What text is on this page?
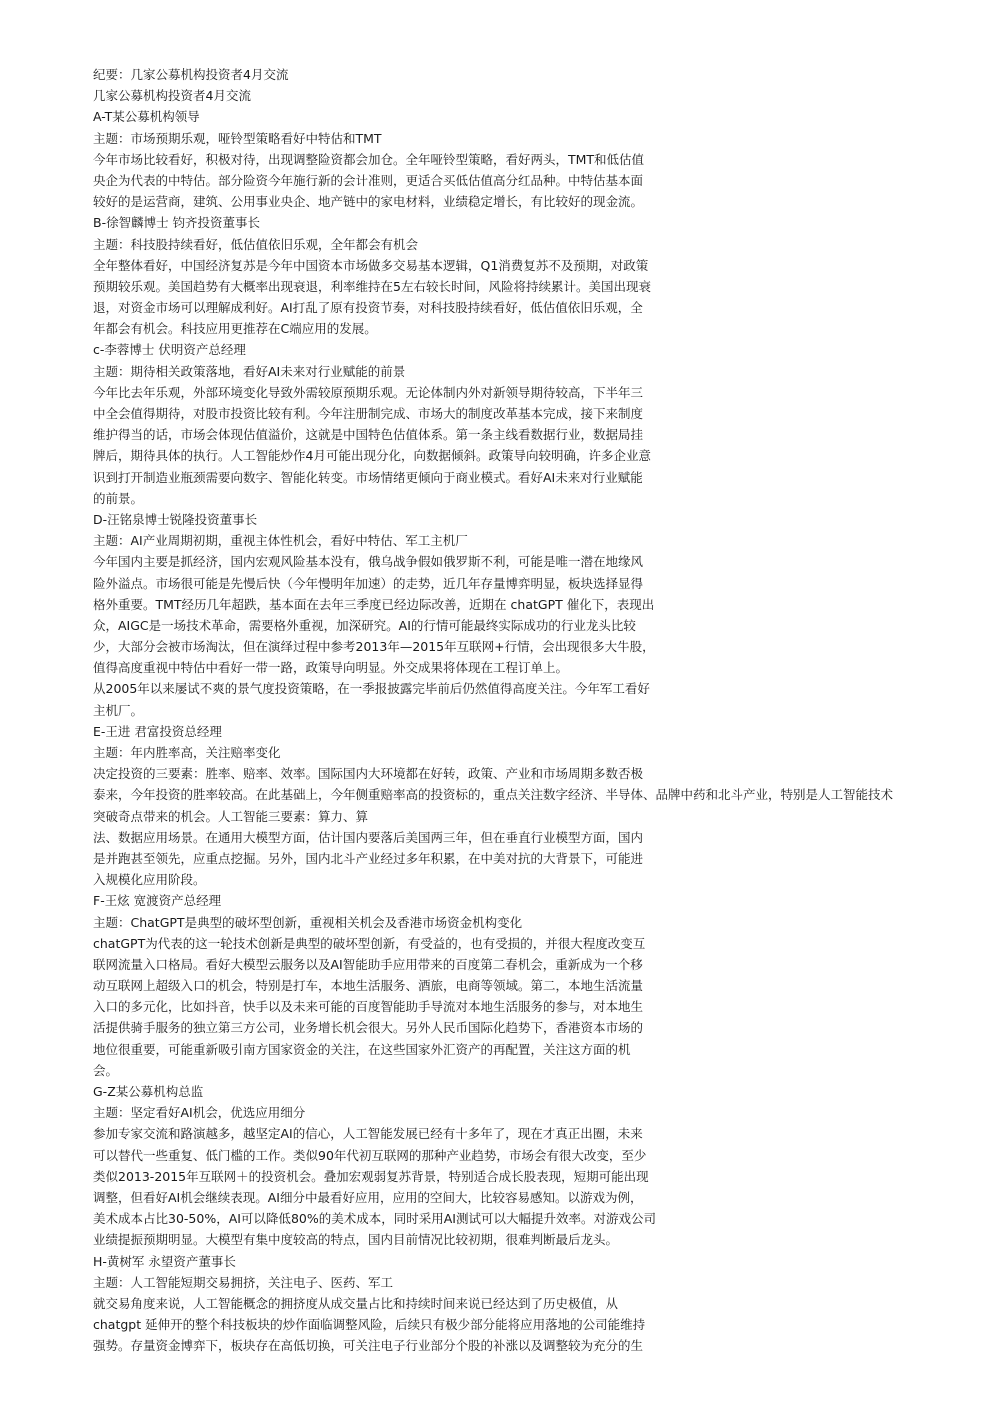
纪要：几家公募机构投资者4月交流
几家公募机构投资者4月交流
A-T某公募机构领导
主题：市场预期乐观，哑铃型策略看好中特估和TMT
今年市场比较看好，积极对待，出现调整险资都会加仓。全年哑铃型策略，看好两头，TMT和低估值
央企为代表的中特估。部分险资今年施行新的会计准则，更适合买低估值高分红品种。中特估基本面
较好的是运营商，建筑、公用事业央企、地产链中的家电材料，业绩稳定增长，有比较好的现金流。
B-徐智麟博士 钧齐投资董事长
主题：科技股持续看好，低估值依旧乐观，全年都会有机会
全年整体看好，中国经济复苏是今年中国资本市场做多交易基本逻辑，Q1消费复苏不及预期，对政策
预期较乐观。美国趋势有大概率出现衰退，利率维持在5左右较长时间，风险将持续累计。美国出现衰
退，对资金市场可以理解成利好。AI打乱了原有投资节奏，对科技股持续看好，低估值依旧乐观，全
年都会有机会。科技应用更推荐在C端应用的发展。
c-李蓉博士 伏明资产总经理
主题：期待相关政策落地，看好AI未来对行业赋能的前景
今年比去年乐观，外部环境变化导致外需较原预期乐观。无论体制内外对新领导期待较高，下半年三
中全会值得期待，对股市投资比较有利。今年注册制完成、市场大的制度改革基本完成，接下来制度
维护得当的话，市场会体现估值溢价，这就是中国特色估值体系。第一条主线看数据行业，数据局挂
牌后，期待具体的执行。人工智能炒作4月可能出现分化，向数据倾斜。政策导向较明确，许多企业意
识到打开制造业瓶颈需要向数字、智能化转变。市场情绪更倾向于商业模式。看好AI未来对行业赋能
的前景。
D-汪铭泉博士锐隆投资董事长
主题：AI产业周期初期，重视主体性机会，看好中特估、军工主机厂
今年国内主要是抓经济，国内宏观风险基本没有，俄乌战争假如俄罗斯不利，可能是唯一潜在地缘风
险外溢点。市场很可能是先慢后快（今年慢明年加速）的走势，近几年存量博弈明显，板块选择显得
格外重要。TMT经历几年超跌，基本面在去年三季度已经边际改善，近期在 chatGPT 催化下，表现出
众，AIGC是一场技术革命，需要格外重视，加深研究。AI的行情可能最终实际成功的行业龙头比较
少，大部分会被市场淘汰，但在演绎过程中参考2013年—2015年互联网+行情，会出现很多大牛股，
值得高度重视中特估中看好一带一路，政策导向明显。外交成果将体现在工程订单上。
从2005年以来屡试不爽的景气度投资策略，在一季报披露完毕前后仍然值得高度关注。今年军工看好
主机厂。
E-王进 君富投资总经理
主题：年内胜率高，关注赔率变化
决定投资的三要素：胜率、赔率、效率。国际国内大环境都在好转，政策、产业和市场周期多数否极
泰来，今年投资的胜率较高。在此基础上，今年侧重赔率高的投资标的，重点关注数字经济、半导体、品牌中药和北斗产业，特别是人工智能技术
突破奇点带来的机会。人工智能三要素：算力、算
法、数据应用场景。在通用大模型方面，估计国内要落后美国两三年，但在垂直行业模型方面，国内
是并跑甚至领先，应重点挖掘。另外，国内北斗产业经过多年积累，在中美对抗的大背景下，可能进
入规模化应用阶段。
F-王炫 宽渡资产总经理
主题：ChatGPT是典型的破坏型创新，重视相关机会及香港市场资金机构变化
chatGPT为代表的这一轮技术创新是典型的破坏型创新，有受益的，也有受损的，并很大程度改变互
联网流量入口格局。看好大模型云服务以及AI智能助手应用带来的百度第二春机会，重新成为一个移
动互联网上超级入口的机会，特别是打车，本地生活服务、酒旅，电商等领域。第二，本地生活流量
入口的多元化，比如抖音，快手以及未来可能的百度智能助手导流对本地生活服务的参与，对本地生
活提供骑手服务的独立第三方公司，业务增长机会很大。另外人民币国际化趋势下，香港资本市场的
地位很重要，可能重新吸引南方国家资金的关注，在这些国家外汇资产的再配置，关注这方面的机
会。
G-Z某公募机构总监
主题：坚定看好AI机会，优选应用细分
参加专家交流和路演越多，越坚定AI的信心，人工智能发展已经有十多年了，现在才真正出圈，未来
可以替代一些重复、低门槛的工作。类似90年代初互联网的那种产业趋势，市场会有很大改变，至少
类似2013-2015年互联网＋的投资机会。叠加宏观弱复苏背景，特别适合成长股表现，短期可能出现
调整，但看好AI机会继续表现。AI细分中最看好应用，应用的空间大，比较容易感知。以游戏为例，
美术成本占比30-50%，AI可以降低80%的美术成本，同时采用AI测试可以大幅提升效率。对游戏公司
业绩提振预期明显。大模型有集中度较高的特点，国内目前情况比较初期，很难判断最后龙头。
H-黄树军 永望资产董事长
主题：人工智能短期交易拥挤，关注电子、医药、军工
就交易角度来说，人工智能概念的拥挤度从成交量占比和持续时间来说已经达到了历史极值，从
chatgpt 延伸开的整个科技板块的炒作面临调整风险，后续只有极少部分能将应用落地的公司能维持
强势。存量资金博弈下，板块存在高低切换，可关注电子行业部分个股的补涨以及调整较为充分的生
